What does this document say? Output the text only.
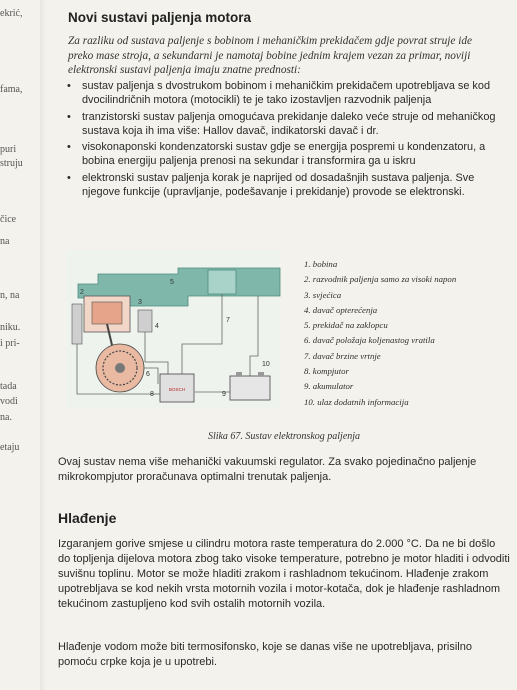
ekrić,
fama,
puri
struju
čice
na
n, na
niku.
i pri-
tada
vodi
na.
etaju
Novi sustavi paljenja motora

Za razliku od sustava paljenje s bobinom i mehaničkim prekidačem gdje povrat struje ide preko mase stroja, a sekundarni je namotaj bobine jednim krajem vezan za primar, noviji elektronski sustavi paljenja imaju znatne prednosti:

• sustav paljenja s dvostrukom bobinom i mehaničkim prekidačem upotrebljava se kod dvocilindričnih motora (motocikli) te je tako izostavljen razvodnik paljenja
• tranzistorski sustav paljenja omogućava prekidanje daleko veće struje od mehaničkog sustava koja ih ima više: Hallov davač, indikatorski davač i dr.
• visokonaponski kondenzatorski sustav gdje se energija pospremi u kondenzatoru, a bobina energiju paljenja prenosi na sekundar i transformira ga u iskru
• elektronski sustav paljenja korak je naprijed od dosadašnjih sustava paljenja. Sve njegove funkcije (upravljanje, podešavanje i prekidanje) provode se elektronski.
BOSCH
2
5
3
4
7
6
8	9
10
1. bobina
2. razvodnik paljenja samo za visoki napon
3. svjećica
4. davač opterećenja
5. prekidač na zaklopcu
6. davač položaja koljenastog vratila
7. davač brzine vrtnje
8. kompjutor
9. akumulator
10. ulaz dodatnih informacija
Slika 67. Sustav elektronskog paljenja

Ovaj sustav nema više mehanički vakuumski regulator. Za svako pojedinačno paljenje mikrokompjutor proračunava optimalni trenutak paljenja.

Hlađenje

Izgaranjem gorive smjese u cilindru motora raste temperatura do 2.000 °C. Da ne bi došlo do topljenja dijelova motora zbog tako visoke temperature, potrebno je motor hladiti i odvoditi suvišnu toplinu. Motor se može hladiti zrakom i rashladnom tekućinom. Hlađenje zrakom upotrebljava se kod nekih vrsta motornih vozila i motor-kotača, dok je hlađenje rashladnom tekućinom zastupljeno kod svih ostalih motornih vozila.

Hlađenje vodom može biti termosifonsko, koje se danas više ne upotrebljava, prisilno pomoću crpke koja je u upotrebi.
